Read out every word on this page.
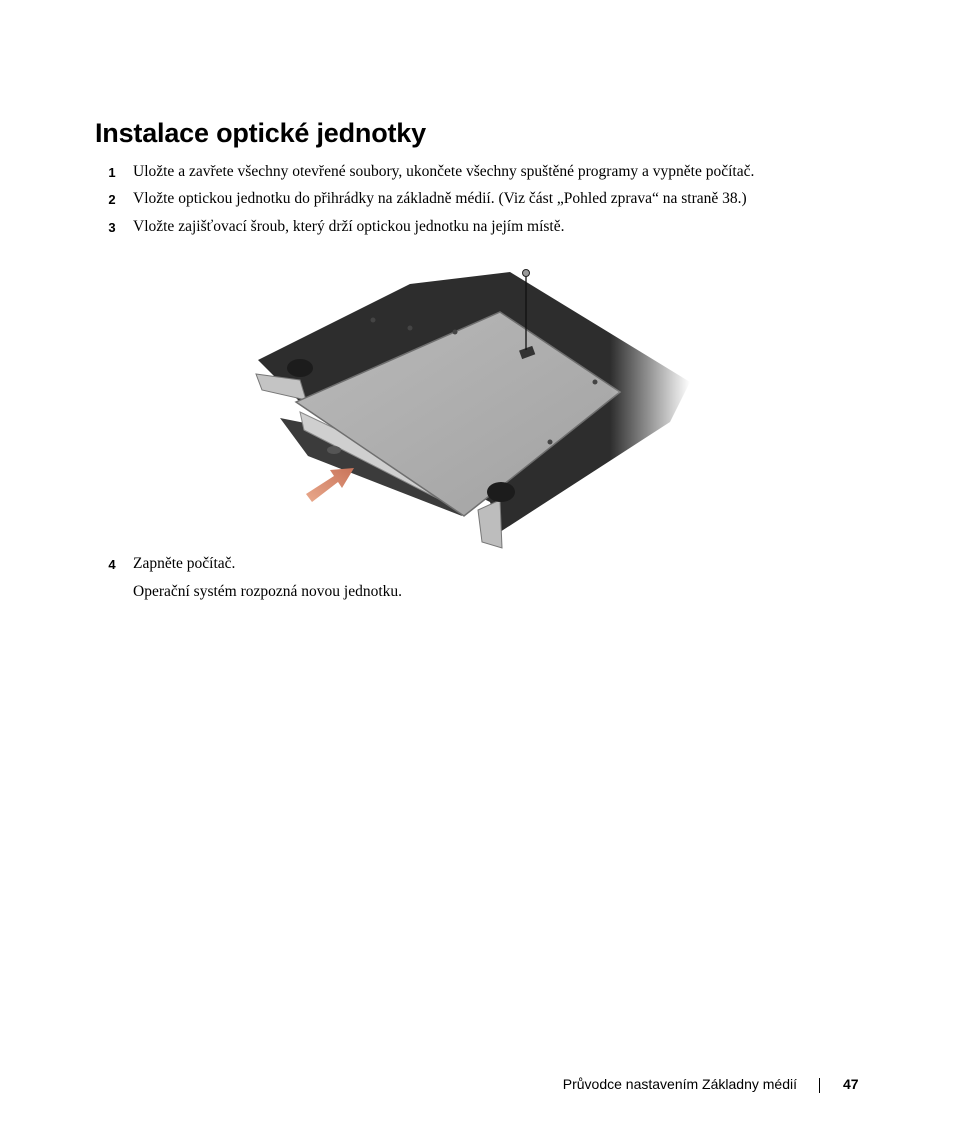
Instalace optické jednotky
1 Uložte a zavřete všechny otevřené soubory, ukončete všechny spuštěné programy a vypněte počítač.
2 Vložte optickou jednotku do přihrádky na základně médií. (Viz část „Pohled zprava“ na straně 38.)
3 Vložte zajišťovací šroub, který drží optickou jednotku na jejím místě.
4 Zapněte počítač.
Operační systém rozpozná novou jednotku.
Průvodce nastavením Základny médií	47
